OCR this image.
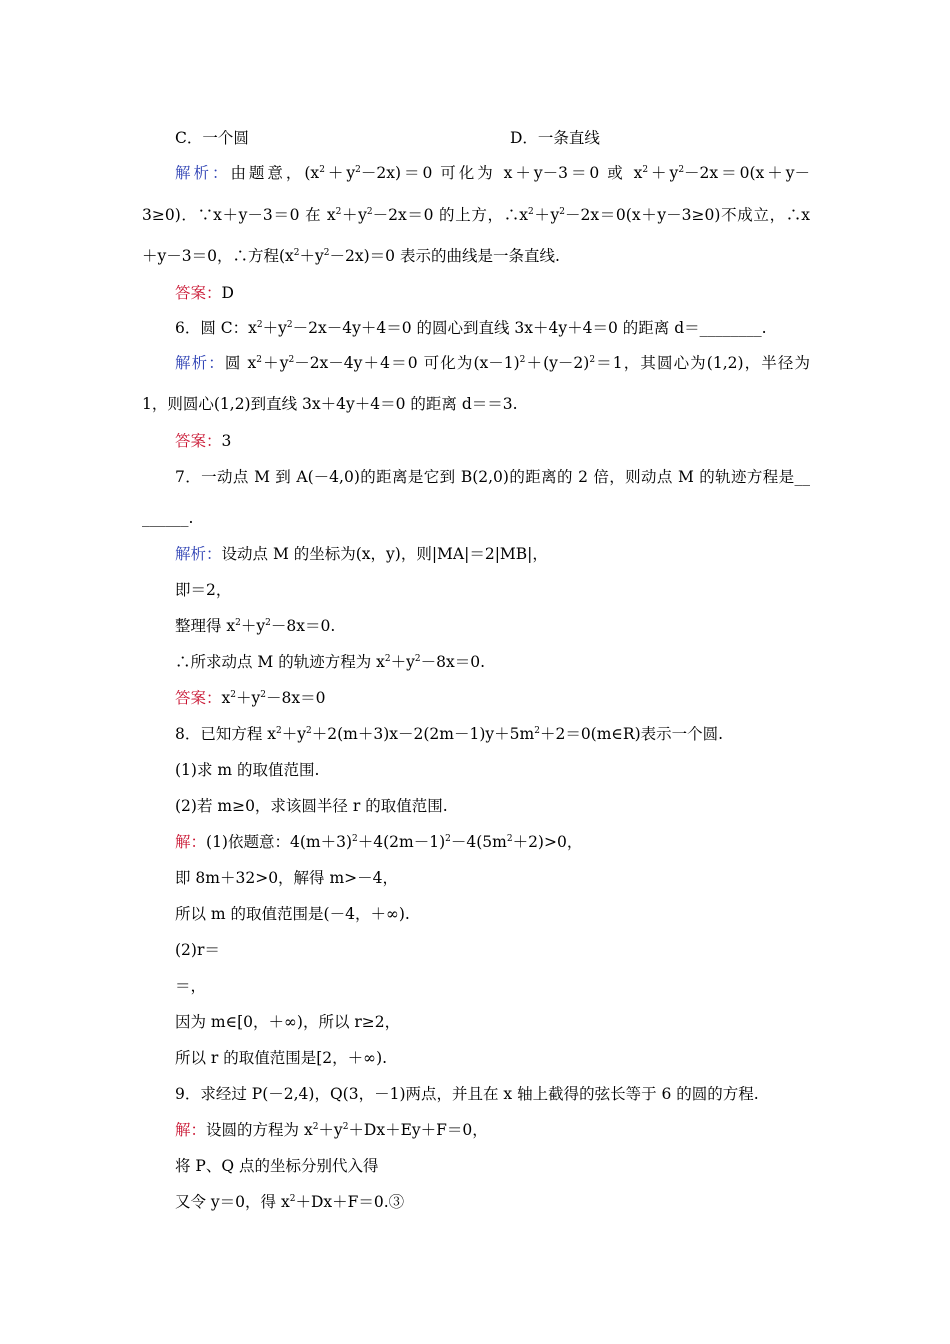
C．一个圆	D．一条直线
解析：由题意，$(x^2+y^2-2x)=0$ 可化为 x＋y－3＝0 或 $x^2+y^2-2x=0(x+y-$
3≥0)．∵x＋y－3＝0 在 $x^2+y^2-2x=0$ 的上方，$\therefore x^2+y^2-2x=0(x+y-3\ge 0)$不成立，∴x
＋y－3＝0，∴方程$(x^2+y^2-2x)=0$ 表示的曲线是一条直线.
答案：D
6．圆 C：$x^2+y^2-2x-4y+4=0$ 的圆心到直线 3x＋4y＋4＝0 的距离 d＝________.
解析：圆 $x^2+y^2-2x-4y+4=0$ 可化为$(x-1)^2+(y-2)^2=1$，其圆心为(1,2)，半径为
1，则圆心(1,2)到直线 3x＋4y＋4＝0 的距离 d＝＝3.
答案：3
7．一动点 M 到 A(－4,0)的距离是它到 B(2,0)的距离的 2 倍，则动点 M 的轨迹方程是__
______.
解析：设动点 M 的坐标为(x，y)，则|MA|＝2|MB|，
即＝2，
整理得 $x^2+y^2-8x=0$.
∴所求动点 M 的轨迹方程为 $x^2+y^2-8x=0$.
答案：$x^2+y^2-8x=0$
8．已知方程 $x^2+y^2+2(m+3)x-2(2m-1)y+5m^2+2=0(m\in R)$表示一个圆.
(1)求 m 的取值范围.
(2)若 m≥0，求该圆半径 r 的取值范围.
解：(1)依题意：$4(m+3)^2+4(2m-1)^2-4(5m^2+2)>0$，
即 8m＋32>0，解得 m>－4，
所以 m 的取值范围是(－4，＋∞).
(2)r＝
＝，
因为 m∈[0，＋∞)，所以 r≥2，
所以 r 的取值范围是[2，＋∞).
9．求经过 P(－2,4)，Q(3，－1)两点，并且在 x 轴上截得的弦长等于 6 的圆的方程.
解：设圆的方程为 $x^2+y^2+Dx+Ey+F=0$，
将 P、Q 点的坐标分别代入得
又令 y＝0，得 $x^2+Dx+F=0.③$
